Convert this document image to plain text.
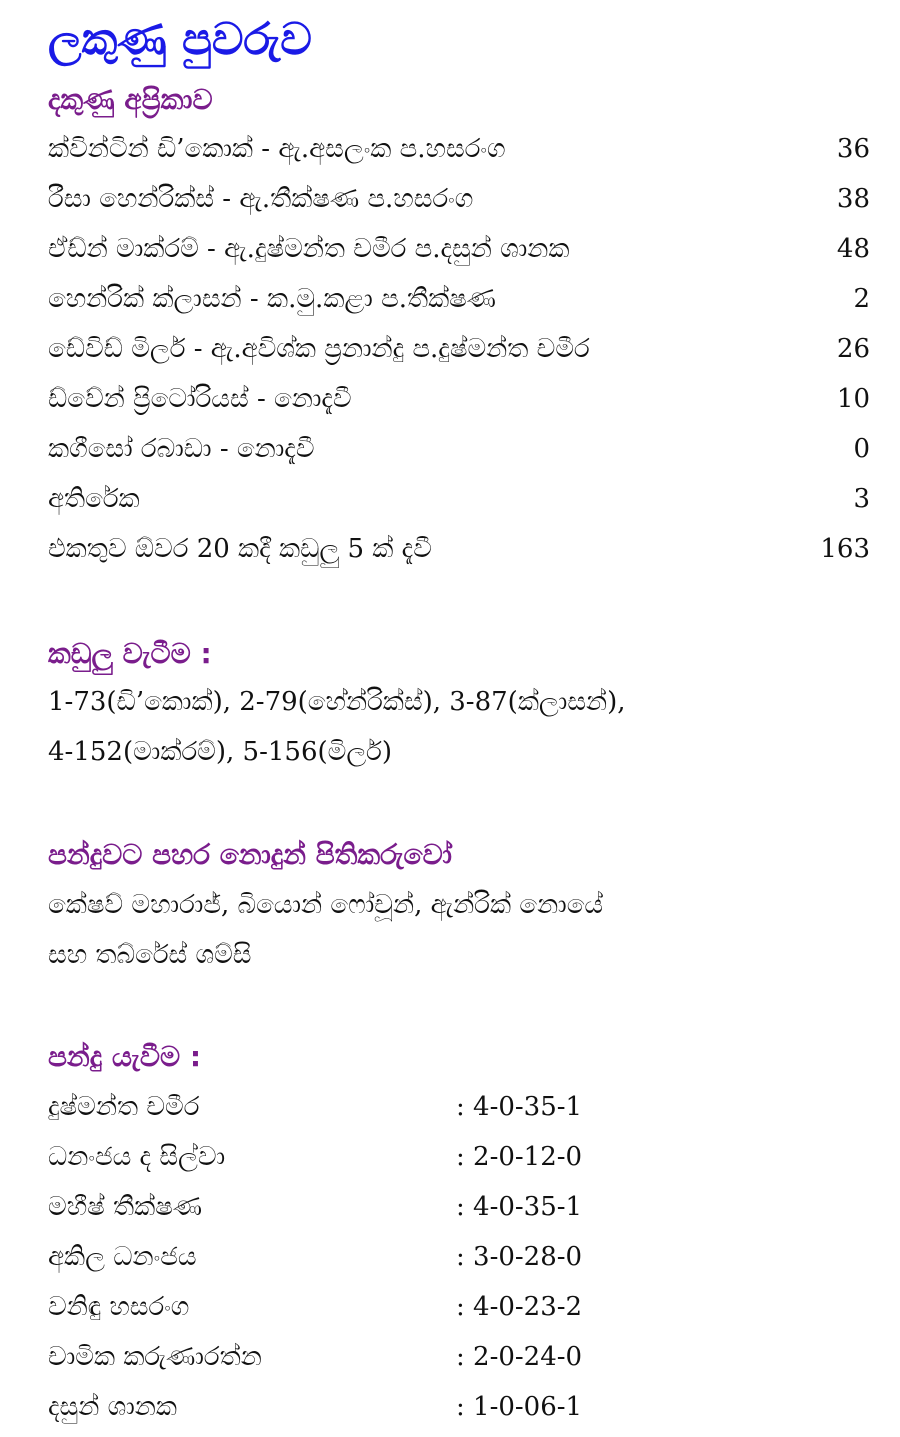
ලකුණු පුවරුව
දකුණු අප්‍රිකාව
ක්වින්ටින් ඩි’කොක් - ඇ.අසලංක ප.හසරංග	36
රීසා හෙන්රික්ස් - ඇ.තීක්ෂණ ප.හසරංග	38
ඒඩ්න් මාක්රම් - ඇ.දුෂ්මන්ත චමීර ප.දසුන් ශානක	48
හෙන්රික් ක්ලාසන් - ක.මු.කළා ප.තීක්ෂණ	2
ඩේවිඩ් මිලර් - ඇ.අවිශ්ක ප්‍රනාන්දු ප.දුෂ්මන්ත චමීර	26
ඩ්වේන් ප්‍රිටෝරියස් - නොදැවී	10
කගීසෝ රබාඩා - නොදැවී	0
අතිරේක	3
එකතුව ඕවර 20 කදී කඩුලු 5 ක් දැවී	163
කඩුලු වැටීම :
1-73(ඩි’කොක්), 2-79(හේන්රික්ස්), 3-87(ක්ලාසන්),
4-152(මාක්රම්), 5-156(මිලර්)
පන්දුවට පහර නොදුන් පිතිකරුවෝ
කේෂව් මහාරාජ්, බියොන් ෆෝචූන්, ඇන්රික් නොයේ
සහ තබ්රේස් ශම්සි
පන්දු යැවීම :
දුෂ්මන්ත චමීර	: 4-0-35-1
ධනංජය ද සිල්වා	: 2-0-12-0
මහීෂ් තීක්ෂණ	: 4-0-35-1
අකිල ධනංජය	: 3-0-28-0
වනිඳු හසරංග	: 4-0-23-2
චාමික කරුණාරත්න	: 2-0-24-0
දසුන් ශානක	: 1-0-06-1
